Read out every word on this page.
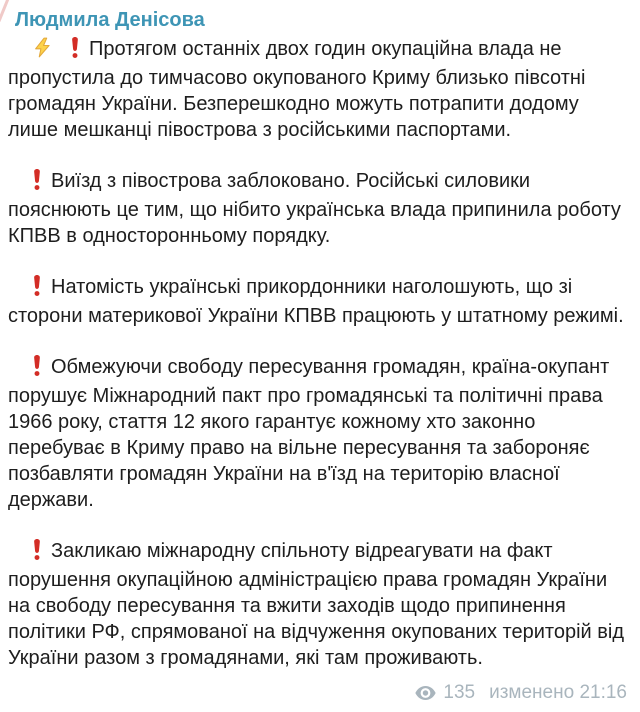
Людмила Денісова

Протягом останніх двох годин окупаційна влада не пропустила до тимчасово окупованого Криму близько півсотні громадян України. Безперешкодно можуть потрапити додому лише мешканці півострова з російськими паспортами.

Виїзд з півострова заблоковано. Російські силовики пояснюють це тим, що нібито українська влада припинила роботу КПВВ в односторонньому порядку.

Натомість українські прикордонники наголошують, що зі сторони материкової України КПВВ працюють у штатному режимі.

Обмежуючи свободу пересування громадян, країна-окупант порушує Міжнародний пакт про громадянські та політичні права 1966 року, стаття 12 якого гарантує кожному хто законно перебуває в Криму право на вільне пересування та забороняє позбавляти громадян України на в'їзд на територію власної держави.

Закликаю міжнародну спільноту відреагувати на факт порушення окупаційною адміністрацією права громадян України на свободу пересування та вжити заходів щодо припинення політики РФ, спрямованої на відчуження окупованих територій від України разом з громадянами, які там проживають.

135 изменено 21:16
